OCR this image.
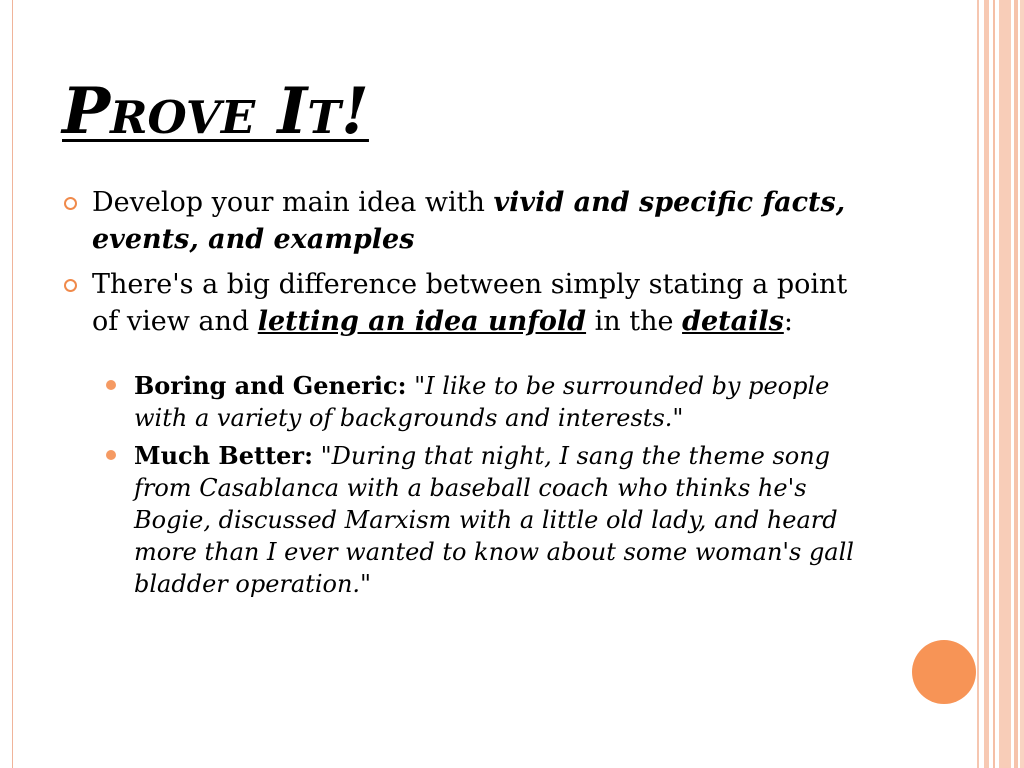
Prove It!
Develop your main idea with vivid and specific facts, events, and examples
There's a big difference between simply stating a point of view and letting an idea unfold in the details:
Boring and Generic: "I like to be surrounded by people with a variety of backgrounds and interests."
Much Better: "During that night, I sang the theme song from Casablanca with a baseball coach who thinks he's Bogie, discussed Marxism with a little old lady, and heard more than I ever wanted to know about some woman's gall bladder operation."
